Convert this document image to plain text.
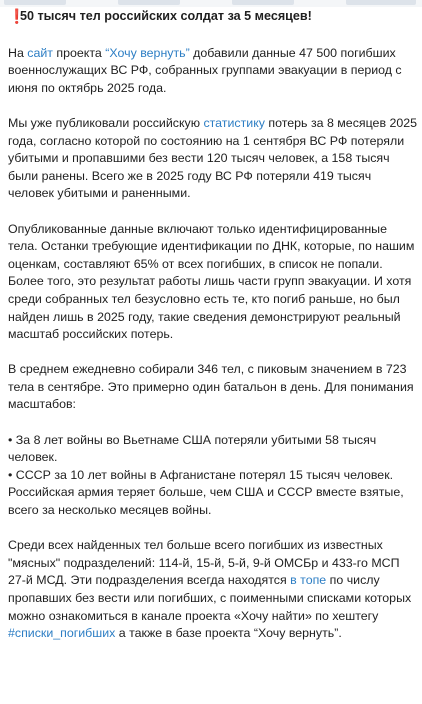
❗
50 тысяч тел российских солдат за 5 месяцев!
На сайт проекта “Хочу вернуть” добавили данные 47 500 погибших военнослужащих ВС РФ, собранных группами эвакуации в период с июня по октябрь 2025 года.
Мы уже публиковали российскую статистику потерь за 8 месяцев 2025 года, согласно которой по состоянию на 1 сентября ВС РФ потеряли убитыми и пропавшими без вести 120 тысяч человек, а 158 тысяч были ранены. Всего же в 2025 году ВС РФ потеряли 419 тысяч человек убитыми и раненными.
Опубликованные данные включают только идентифицированные тела. Останки требующие идентификации по ДНК, которые, по нашим оценкам, составляют 65% от всех погибших, в список не попали. Более того, это результат работы лишь части групп эвакуации. И хотя среди собранных тел безусловно есть те, кто погиб раньше, но был найден лишь в 2025 году, такие сведения демонстрируют реальный масштаб российских потерь.
В среднем ежедневно собирали 346 тел, с пиковым значением в 723 тела в сентябре. Это примерно один батальон в день. Для понимания масштабов:
• За 8 лет войны во Вьетнаме США потеряли убитыми 58 тысяч человек.
• СССР за 10 лет войны в Афганистане потерял 15 тысяч человек.
Российская армия теряет больше, чем США и СССР вместе взятые, всего за несколько месяцев войны.
Среди всех найденных тел больше всего погибших из известных "мясных" подразделений: 114-й, 15-й, 5-й, 9-й ОМСБр и 433-го МСП 27-й МСД. Эти подразделения всегда находятся в топе по числу пропавших без вести или погибших, с поименными списками которых можно ознакомиться в канале проекта «Хочу найти» по хештегу #списки_погибших а также в базе проекта “Хочу вернуть”.
